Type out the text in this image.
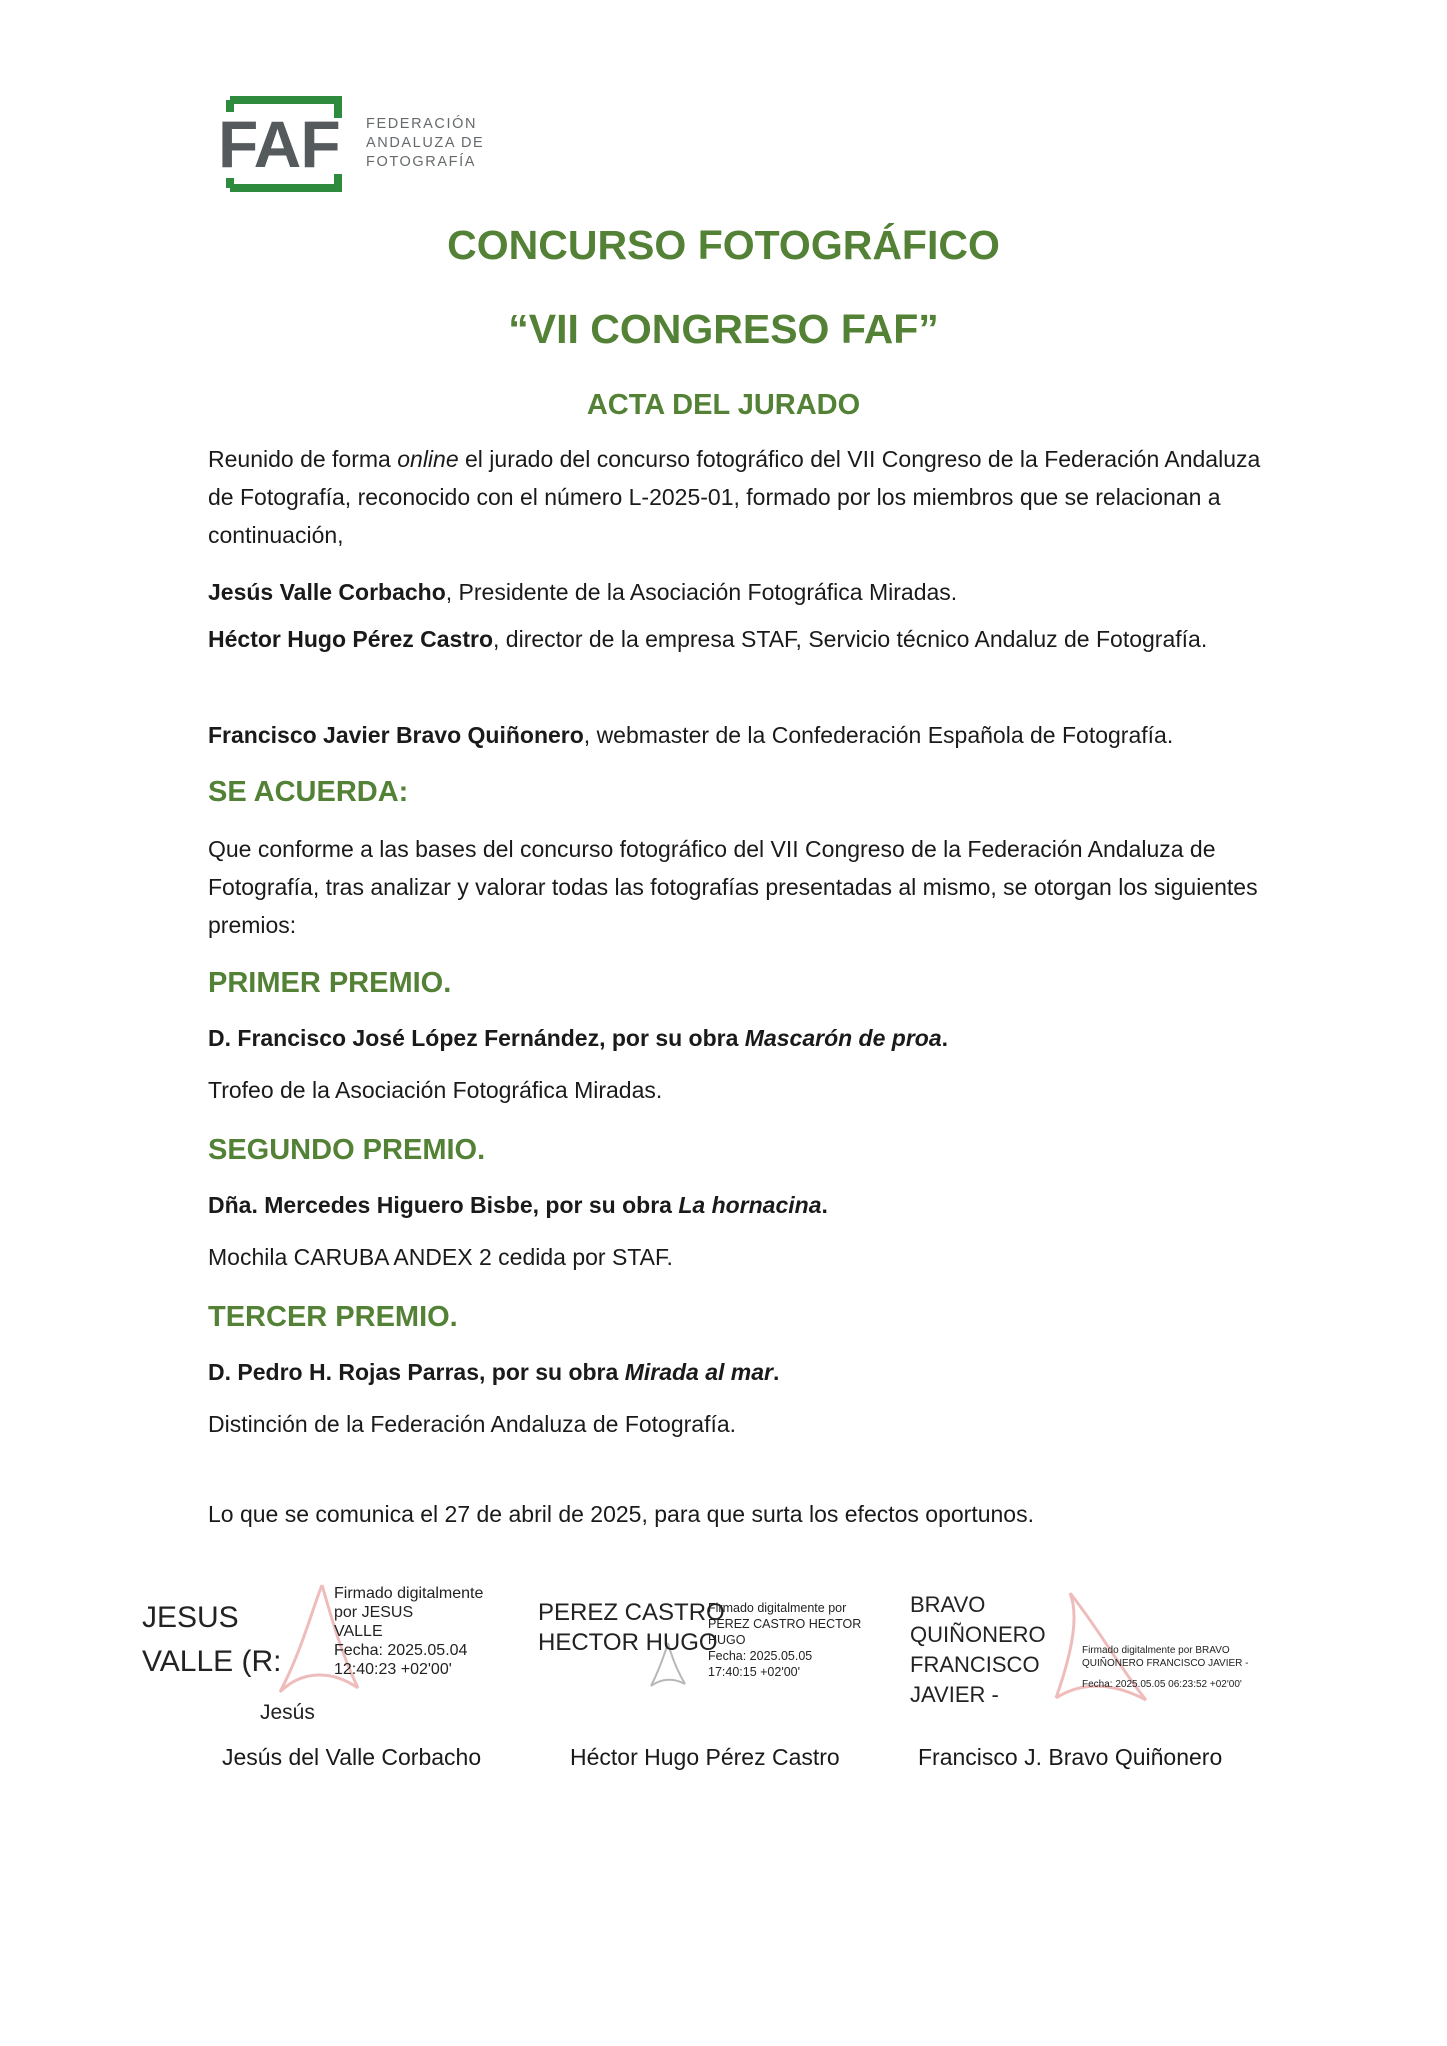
FAF FEDERACIÓN
ANDALUZA DE
FOTOGRAFÍA
CONCURSO FOTOGRÁFICO
“VII CONGRESO FAF”
ACTA DEL JURADO

Reunido de forma online el jurado del concurso fotográfico del VII Congreso de la Federación Andaluza de Fotografía, reconocido con el número L-2025-01, formado por los miembros que se relacionan a continuación,

Jesús Valle Corbacho, Presidente de la Asociación Fotográfica Miradas.

Héctor Hugo Pérez Castro, director de la empresa STAF, Servicio técnico Andaluz de Fotografía.

Francisco Javier Bravo Quiñonero, webmaster de la Confederación Española de Fotografía.

SE ACUERDA:
Que conforme a las bases del concurso fotográfico del VII Congreso de la Federación Andaluza de Fotografía, tras analizar y valorar todas las fotografías presentadas al mismo, se otorgan los siguientes premios:
PRIMER PREMIO.
D. Francisco José López Fernández, por su obra Mascarón de proa.
Trofeo de la Asociación Fotográfica Miradas.
SEGUNDO PREMIO.
Dña. Mercedes Higuero Bisbe, por su obra La hornacina.
Mochila CARUBA ANDEX 2 cedida por STAF.
TERCER PREMIO.
D. Pedro H. Rojas Parras, por su obra Mirada al mar.
Distinción de la Federación Andaluza de Fotografía.
Lo que se comunica el 27 de abril de 2025, para que surta los efectos oportunos.
JESUS
VALLE (R:
Jesús
Firmado digitalmente
por JESUS
VALLE
Fecha: 2025.05.04
12:40:23 +02'00'
PEREZ CASTRO
HECTOR HUGO
Firmado digitalmente por
PEREZ CASTRO HECTOR
HUGO
Fecha: 2025.05.05
17:40:15 +02'00'
BRAVO
QUIÑONERO
FRANCISCO
JAVIER -
Firmado digitalmente por BRAVO
QUIÑONERO FRANCISCO JAVIER -
Fecha: 2025.05.05 06:23:52 +02'00'
Jesús del Valle Corbacho	Héctor Hugo Pérez Castro	Francisco J. Bravo Quiñonero
